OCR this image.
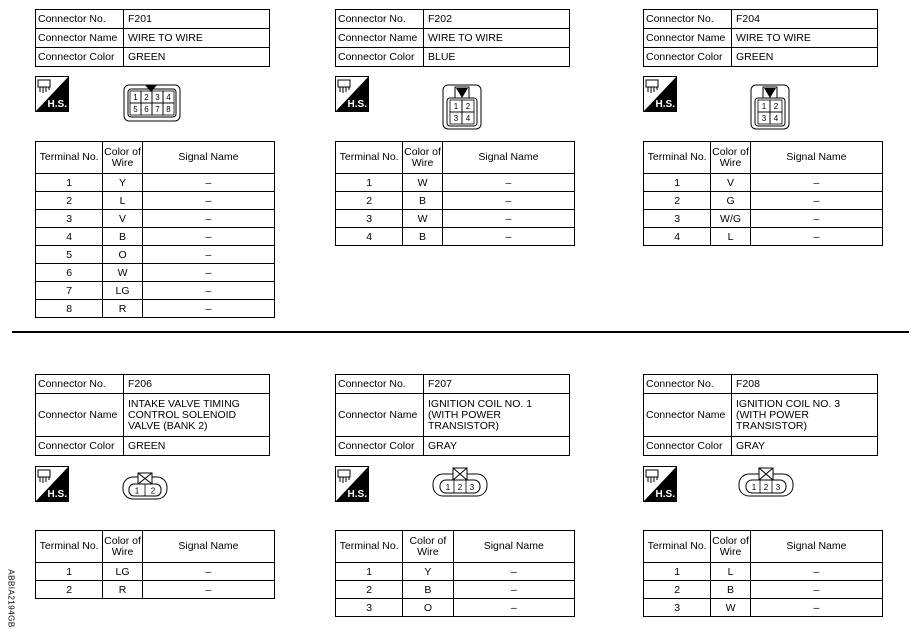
ABBIA2194GB
Connector No.	F201
Connector Name	WIRE TO WIRE
Connector Color	GREEN
H.S.
1 2 3 4
5 6 7 8
Terminal No.	Color of Wire	Signal Name
1	Y	–
2	L	–
3	V	–
4	B	–
5	O	–
6	W	–
7	LG	–
8	R	–
Connector No.	F202
Connector Name	WIRE TO WIRE
Connector Color	BLUE
H.S.	1 2
3 4
Terminal No.	Color of Wire	Signal Name
1	W	–
2	B	–
3	W	–
4	B	–
Connector No.	F204
Connector Name	WIRE TO WIRE
Connector Color	GREEN
H.S.	1 2
3 4
Terminal No.	Color of Wire	Signal Name
1	V	–
2	G	–
3	W/G	–
4	L	–
Connector No.	F206
Connector Name	INTAKE VALVE TIMING CONTROL SOLENOID VALVE (BANK 2)
Connector Color	GREEN
H.S.	1 2
Terminal No.	Color of Wire	Signal Name
1	LG	–
2	R	–
Connector No.	F207
Connector Name	IGNITION COIL NO. 1 (WITH POWER TRANSISTOR)
Connector Color	GRAY
H.S.
1 2 3
Terminal No.	Color of Wire	Signal Name
1	Y	–
2	B	–
3	O	–
Connector No.	F208
Connector Name	IGNITION COIL NO. 3 (WITH POWER TRANSISTOR)
Connector Color	GRAY
H.S.
1 2 3
Terminal No.	Color of Wire	Signal Name
1	L	–
2	B	–
3	W	–
